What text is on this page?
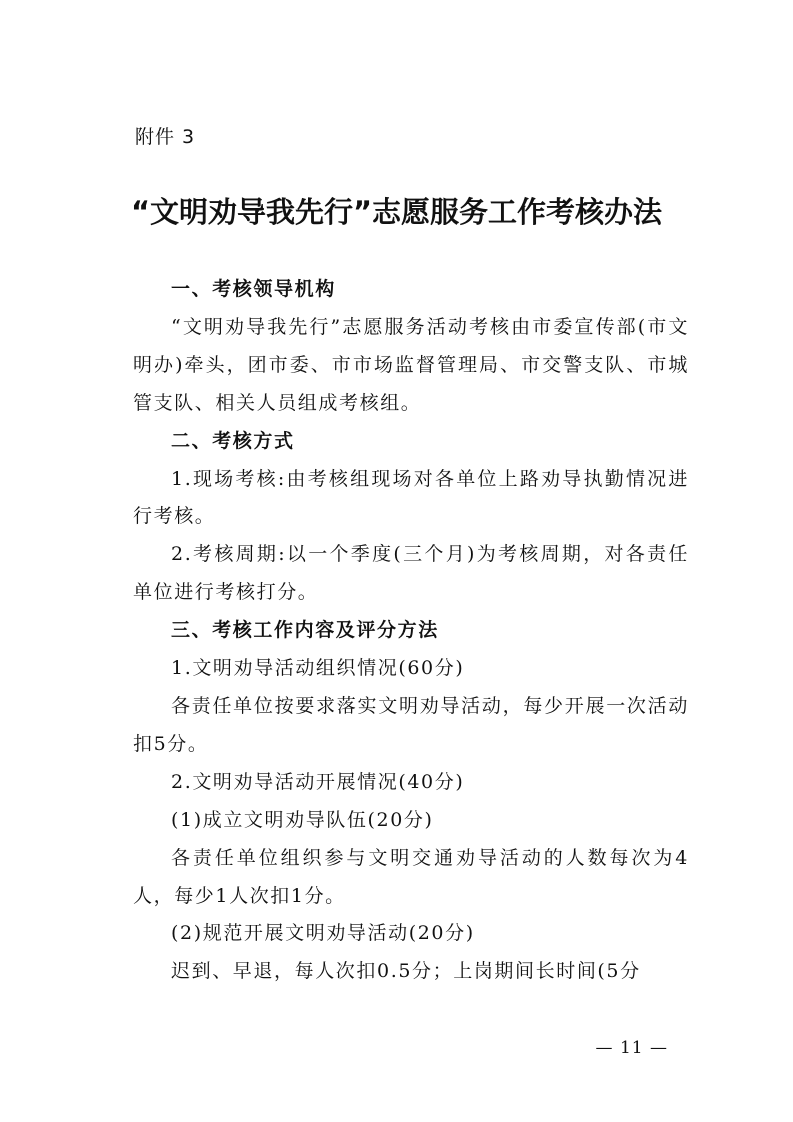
附件 3
“文明劝导我先行”志愿服务工作考核办法

一、考核领导机构

“文明劝导我先行”志愿服务活动考核由市委宣传部(市文明办)牵头，团市委、市市场监督管理局、市交警支队、市城管支队、相关人员组成考核组。

二、考核方式

1.现场考核:由考核组现场对各单位上路劝导执勤情况进行考核。

2.考核周期:以一个季度(三个月)为考核周期，对各责任单位进行考核打分。

三、考核工作内容及评分方法

1.文明劝导活动组织情况(60分)

各责任单位按要求落实文明劝导活动，每少开展一次活动扣5分。

2.文明劝导活动开展情况(40分)

(1)成立文明劝导队伍(20分)

各责任单位组织参与文明交通劝导活动的人数每次为4人，每少1人次扣1分。

(2)规范开展文明劝导活动(20分)

迟到、早退，每人次扣0.5分；上岗期间长时间(5分

— 11 —
